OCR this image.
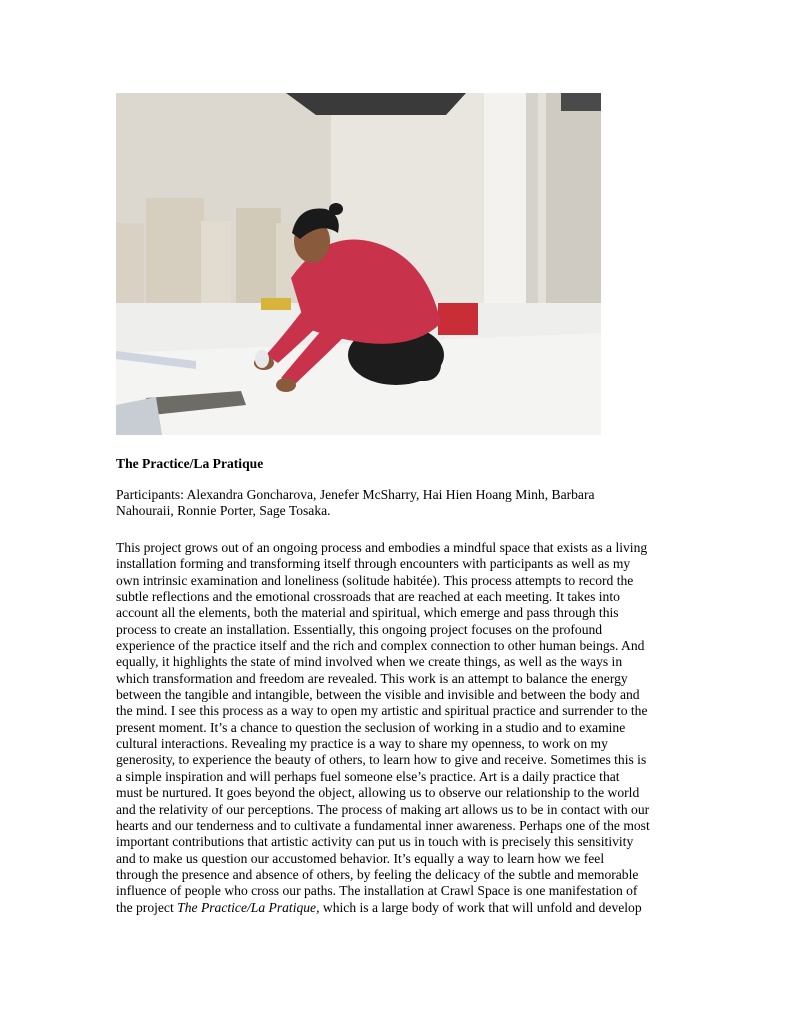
The Practice/La Pratique
Participants: Alexandra Goncharova, Jenefer McSharry, Hai Hien Hoang Minh, Barbara
Nahouraii, Ronnie Porter, Sage Tosaka.
This project grows out of an ongoing process and embodies a mindful space that exists as a living
installation forming and transforming itself through encounters with participants as well as my
own intrinsic examination and loneliness (solitude habitée). This process attempts to record the
subtle reflections and the emotional crossroads that are reached at each meeting. It takes into
account all the elements, both the material and spiritual, which emerge and pass through this
process to create an installation. Essentially, this ongoing project focuses on the profound
experience of the practice itself and the rich and complex connection to other human beings. And
equally, it highlights the state of mind involved when we create things, as well as the ways in
which transformation and freedom are revealed. This work is an attempt to balance the energy
between the tangible and intangible, between the visible and invisible and between the body and
the mind. I see this process as a way to open my artistic and spiritual practice and surrender to the
present moment. It’s a chance to question the seclusion of working in a studio and to examine
cultural interactions. Revealing my practice is a way to share my openness, to work on my
generosity, to experience the beauty of others, to learn how to give and receive. Sometimes this is
a simple inspiration and will perhaps fuel someone else’s practice. Art is a daily practice that
must be nurtured. It goes beyond the object, allowing us to observe our relationship to the world
and the relativity of our perceptions. The process of making art allows us to be in contact with our
hearts and our tenderness and to cultivate a fundamental inner awareness. Perhaps one of the most
important contributions that artistic activity can put us in touch with is precisely this sensitivity
and to make us question our accustomed behavior. It’s equally a way to learn how we feel
through the presence and absence of others, by feeling the delicacy of the subtle and memorable
influence of people who cross our paths. The installation at Crawl Space is one manifestation of
the project The Practice/La Pratique, which is a large body of work that will unfold and develop
